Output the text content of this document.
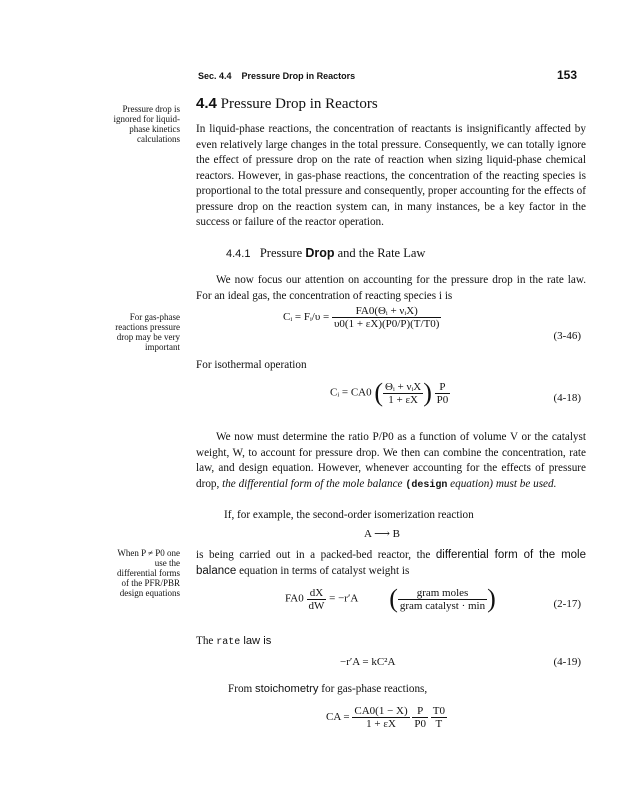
Sec. 4.4 Pressure Drop in Reactors	153
Pressure drop is
ignored for liquid-
phase kinetics
calculations
For gas-phase
reactions pressure
drop may be very
important
When P ≠ P0 one
use the
differential forms
of the PFR/PBR
design equations
4.4 Pressure Drop in Reactors
In liquid-phase reactions, the concentration of reactants is insignificantly affected by even relatively large changes in the total pressure. Consequently, we can totally ignore the effect of pressure drop on the rate of reaction when sizing liquid-phase chemical reactors. However, in gas-phase reactions, the concentration of the reacting species is proportional to the total pressure and consequently, proper accounting for the effects of pressure drop on the reaction system can, in many instances, be a key factor in the success or failure of the reactor operation.
4.4.1 Pressure Drop and the Rate Law
We now focus our attention on accounting for the pressure drop in the rate law. For an ideal gas, the concentration of reacting species i is
Cᵢ = Fᵢ/υ = $\frac{\text{FA0(Θᵢ + νᵢX)}}{\upsilon 0(1 + \varepsilon X)(P0/P)(T/T0)}$
(3-46)
For isothermal operation
Cᵢ = CA0 ( $\frac{\text{Θᵢ + νᵢX}}{1 + \varepsilon X}$ ) $\frac{P}{P0}$	(4-18)
We now must determine the ratio P/P0 as a function of volume V or the catalyst weight, W, to account for pressure drop. We then can combine the concentration, rate law, and design equation. However, whenever accounting for the effects of pressure drop, the differential form of the mole balance (design equation) must be used.
If, for example, the second-order isomerization reaction
A ⟶ B
is being carried out in a packed-bed reactor, the differential form of the mole balance equation in terms of catalyst weight is
$FA0 \frac{dX}{dW} = -r'A$ ( $\frac{\text{gram moles}}{\text{gram catalyst · min}}$ )	(2-17)
The rate law is
−r′A = kC²A	(4-19)
From stoichometry for gas-phase reactions,
CA = $\frac{CA0(1 - X)}{1 + \varepsilon X}$
$\frac{P}{P0}$
$\frac{T0}{T}$
